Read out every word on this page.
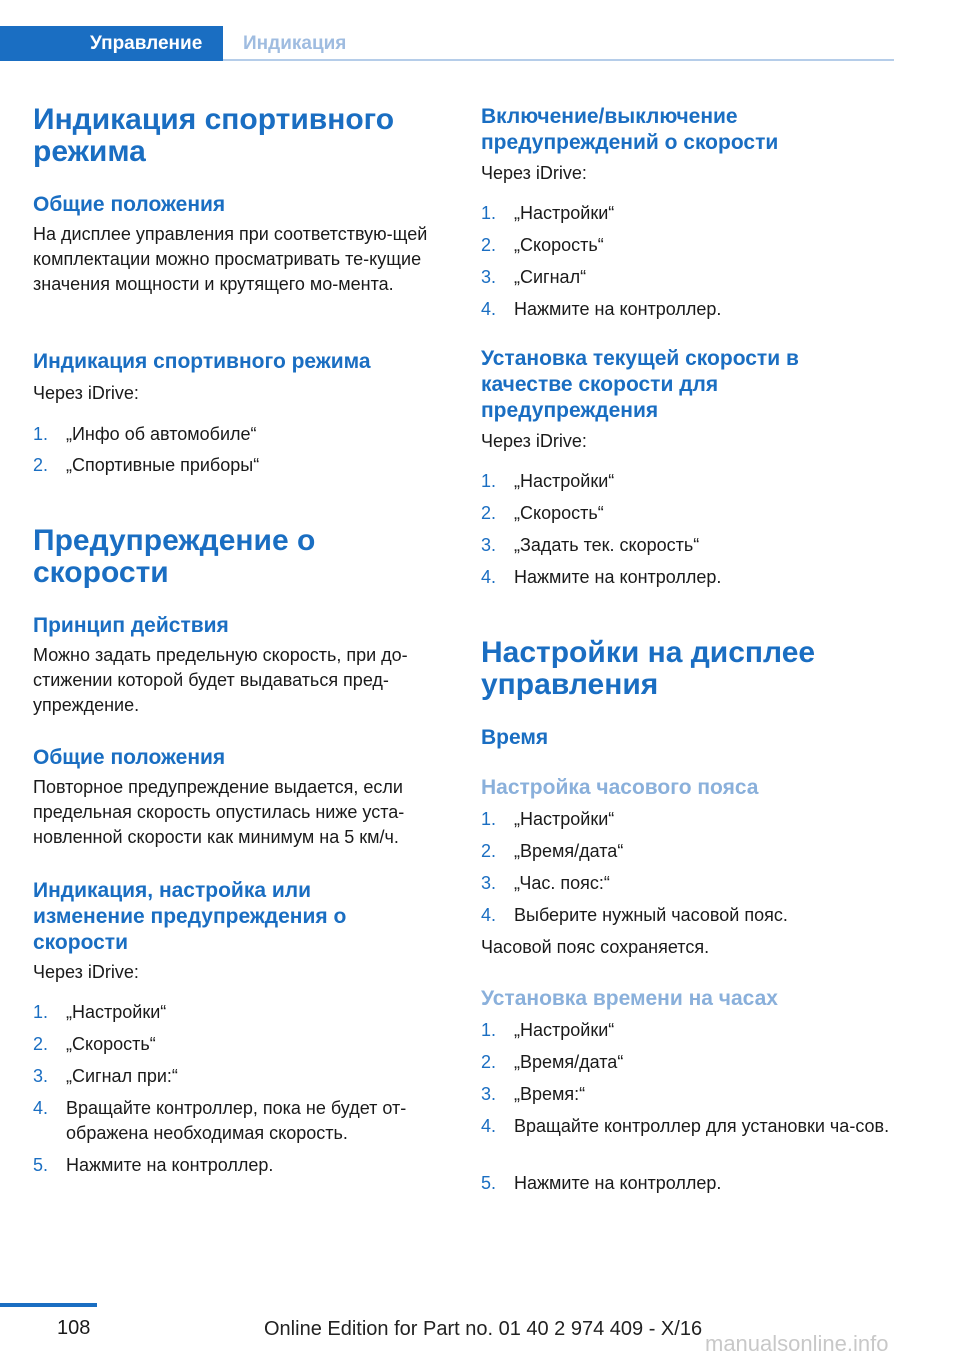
Управление	Индикация
Индикация спортивного режима
Общие положения

На дисплее управления при соответствую-щей комплектации можно просматривать те-кущие значения мощности и крутящего мо-мента.

Индикация спортивного режима

Через iDrive:

1. „Инфо об автомобиле“
2. „Спортивные приборы“
Предупреждение о скорости
Принцип действия

Можно задать предельную скорость, при до-стижении которой будет выдаваться пред-упреждение.

Общие положения

Повторное предупреждение выдается, если предельная скорость опустилась ниже уста-новленной скорости как минимум на 5 км/ч.

Индикация, настройка или изменение предупреждения о скорости

Через iDrive:

1. „Настройки“
2. „Скорость“
3. „Сигнал при:“
4. Вращайте контроллер, пока не будет от-ображена необходимая скорость.
5. Нажмите на контроллер.
Включение/выключение предупреждений о скорости

Через iDrive:

1. „Настройки“
2. „Скорость“
3. „Сигнал“
4. Нажмите на контроллер.
Установка текущей скорости в качестве скорости для предупреждения

Через iDrive:

1. „Настройки“
2. „Скорость“
3. „Задать тек. скорость“
4. Нажмите на контроллер.
Настройки на дисплее управления
Время
Настройка часового пояса
1. „Настройки“
2. „Время/дата“
3. „Час. пояс:“
4. Выберите нужный часовой пояс.

Часовой пояс сохраняется.

Установка времени на часах
1. „Настройки“
2. „Время/дата“
3. „Время:“
4. Вращайте контроллер для установки ча-сов.
5. Нажмите на контроллер.
108	Online Edition for Part no. 01 40 2 974 409 - X/16
manualsonline.info
